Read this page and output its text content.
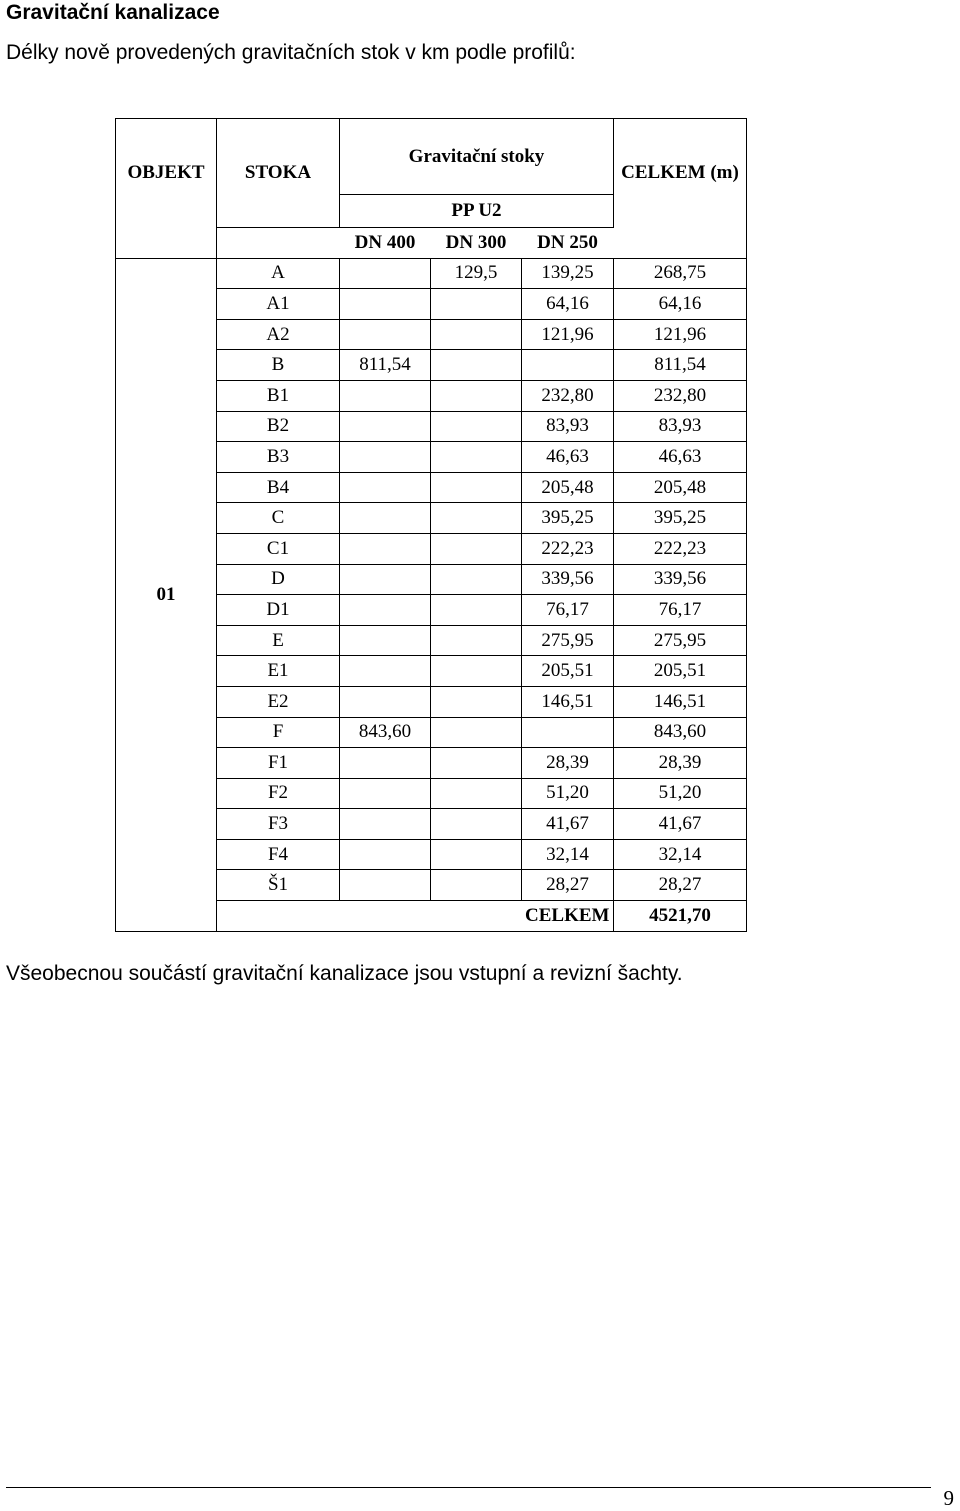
Gravitační kanalizace
Délky nově provedených gravitačních stok v km podle profilů:
OBJEKT	STOKA	Gravitační stoky			CELKEM (m)
		PP U2			
		DN 400	DN 300	DN 250	
01	A		129,5	139,25	268,75
	A1			64,16	64,16
	A2			121,96	121,96
	B	811,54			811,54
	B1			232,80	232,80
	B2			83,93	83,93
	B3			46,63	46,63
	B4			205,48	205,48
	C			395,25	395,25
	C1			222,23	222,23
	D			339,56	339,56
	D1			76,17	76,17
	E			275,95	275,95
	E1			205,51	205,51
	E2			146,51	146,51
	F	843,60			843,60
	F1			28,39	28,39
	F2			51,20	51,20
	F3			41,67	41,67
	F4			32,14	32,14
	Š1			28,27	28,27
				CELKEM	4521,70
Všeobecnou součástí gravitační kanalizace jsou vstupní a revizní šachty.
9
